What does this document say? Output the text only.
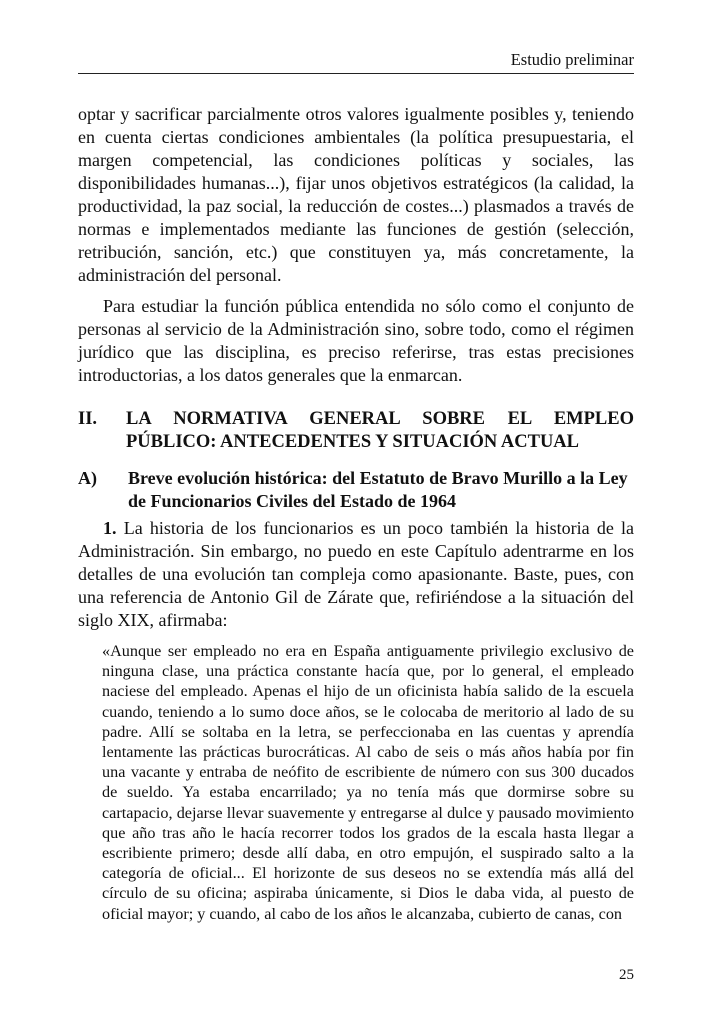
Estudio preliminar

optar y sacrificar parcialmente otros valores igualmente posibles y, teniendo en cuenta ciertas condiciones ambientales (la política presupuestaria, el margen competencial, las condiciones políticas y sociales, las disponibilidades humanas...), fijar unos objetivos estratégicos (la calidad, la productividad, la paz social, la reducción de costes...) plasmados a través de normas e implementados mediante las funciones de gestión (selección, retribución, sanción, etc.) que constituyen ya, más concretamente, la administración del personal.

Para estudiar la función pública entendida no sólo como el conjunto de personas al servicio de la Administración sino, sobre todo, como el régimen jurídico que las disciplina, es preciso referirse, tras estas precisiones introductorias, a los datos generales que la enmarcan.

II.	LA NORMATIVA GENERAL SOBRE EL EMPLEO PÚBLICO: ANTECEDENTES Y SITUACIÓN ACTUAL
A)	Breve evolución histórica: del Estatuto de Bravo Murillo a la Ley de Funcionarios Civiles del Estado de 1964

1. La historia de los funcionarios es un poco también la historia de la Administración. Sin embargo, no puedo en este Capítulo adentrarme en los detalles de una evolución tan compleja como apasionante. Baste, pues, con una referencia de Antonio Gil de Zárate que, refiriéndose a la situación del siglo XIX, afirmaba:

«Aunque ser empleado no era en España antiguamente privilegio exclusivo de ninguna clase, una práctica constante hacía que, por lo general, el empleado naciese del empleado. Apenas el hijo de un oficinista había salido de la escuela cuando, teniendo a lo sumo doce años, se le colocaba de meritorio al lado de su padre. Allí se soltaba en la letra, se perfeccionaba en las cuentas y aprendía lentamente las prácticas burocráticas. Al cabo de seis o más años había por fin una vacante y entraba de neófito de escribiente de número con sus 300 ducados de sueldo. Ya estaba encarrilado; ya no tenía más que dormirse sobre su cartapacio, dejarse llevar suavemente y entregarse al dulce y pausado movimiento que año tras año le hacía recorrer todos los grados de la escala hasta llegar a escribiente primero; desde allí daba, en otro empujón, el suspirado salto a la categoría de oficial... El horizonte de sus deseos no se extendía más allá del círculo de su oficina; aspiraba únicamente, si Dios le daba vida, al puesto de oficial mayor; y cuando, al cabo de los años le alcanzaba, cubierto de canas, con

25
